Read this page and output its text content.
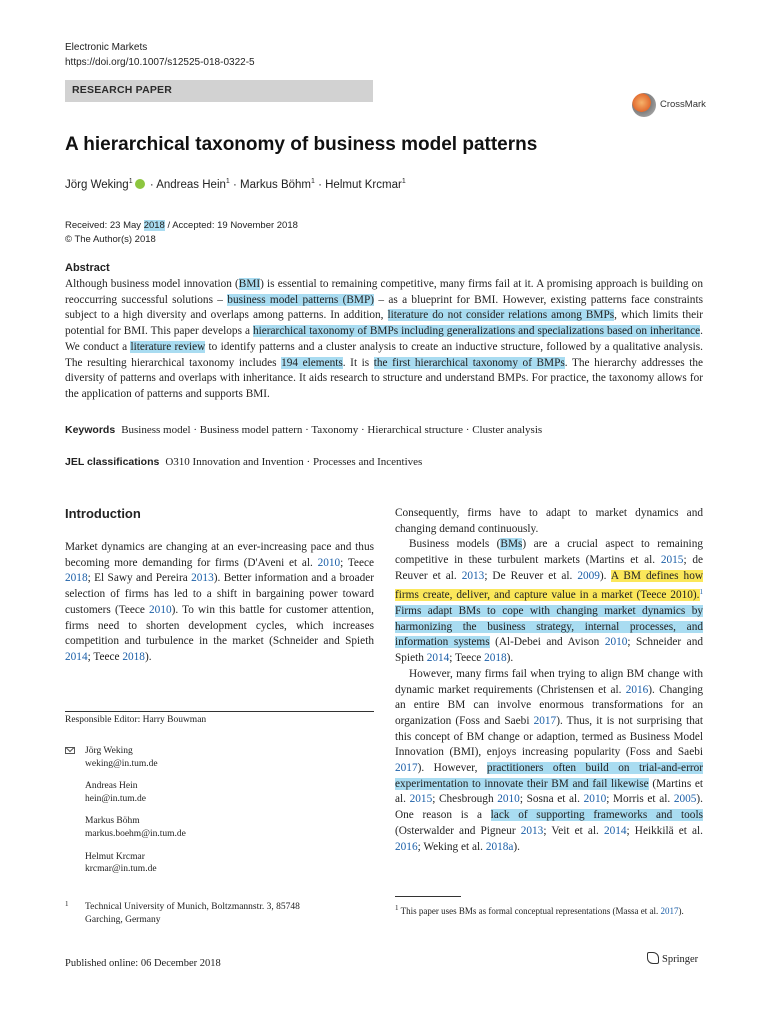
Electronic Markets
https://doi.org/10.1007/s12525-018-0322-5
RESEARCH PAPER
CrossMark
A hierarchical taxonomy of business model patterns
Jörg Weking$^1$ · Andreas Hein$^1$ · Markus Böhm$^1$ · Helmut Krcmar$^1$
Received: 23 May 2018 / Accepted: 19 November 2018
© The Author(s) 2018
Abstract
Although business model innovation (BMI) is essential to remaining competitive, many firms fail at it. A promising approach is building on reoccurring successful solutions – business model patterns (BMP) – as a blueprint for BMI. However, existing patterns face constraints subject to a high diversity and overlaps among patterns. In addition, literature do not consider relations among BMPs, which limits their potential for BMI. This paper develops a hierarchical taxonomy of BMPs including generalizations and specializations based on inheritance. We conduct a literature review to identify patterns and a cluster analysis to create an inductive structure, followed by a qualitative analysis. The resulting hierarchical taxonomy includes 194 elements. It is the first hierarchical taxonomy of BMPs. The hierarchy addresses the diversity of patterns and overlaps with inheritance. It aids research to structure and understand BMPs. For practice, the taxonomy allows for the application of patterns and supports BMI.
Keywords Business model · Business model pattern · Taxonomy · Hierarchical structure · Cluster analysis
JEL classifications O310 Innovation and Invention · Processes and Incentives
Introduction
Market dynamics are changing at an ever-increasing pace and thus becoming more demanding for firms (D'Aveni et al. 2010; Teece 2018; El Sawy and Pereira 2013). Better information and a broader selection of firms has led to a shift in bargaining power toward customers (Teece 2010). To win this battle for customer attention, firms need to shorten development cycles, which increases competition and turbulence in the market (Schneider and Spieth 2014; Teece 2018).
Responsible Editor: Harry Bouwman
Jörg Weking
weking@in.tum.de
Andreas Hein
hein@in.tum.de
Markus Böhm
markus.boehm@in.tum.de
Helmut Krcmar
krcmar@in.tum.de
1 Technical University of Munich, Boltzmannstr. 3, 85748 Garching, Germany

Consequently, firms have to adapt to market dynamics and changing demand continuously.

Business models (BMs) are a crucial aspect to remaining competitive in these turbulent markets (Martins et al. 2015; de Reuver et al. 2013; De Reuver et al. 2009). A BM defines how firms create, deliver, and capture value in a market (Teece 2010).$^1$ Firms adapt BMs to cope with changing market dynamics by harmonizing the business strategy, internal processes, and information systems (Al-Debei and Avison 2010; Schneider and Spieth 2014; Teece 2018).

However, many firms fail when trying to align BM change with dynamic market requirements (Christensen et al. 2016). Changing an entire BM can involve enormous transformations for an organization (Foss and Saebi 2017). Thus, it is not surprising that this concept of BM change or adaption, termed as Business Model Innovation (BMI), enjoys increasing popularity (Foss and Saebi 2017). However, practitioners often build on trial-and-error experimentation to innovate their BM and fail likewise (Martins et al. 2015; Chesbrough 2010; Sosna et al. 2010; Morris et al. 2005). One reason is a lack of supporting frameworks and tools (Osterwalder and Pigneur 2013; Veit et al. 2014; Heikkilä et al. 2016; Weking et al. 2018a).

$^1$ This paper uses BMs as formal conceptual representations (Massa et al. 2017).
Published online: 06 December 2018	Springer
